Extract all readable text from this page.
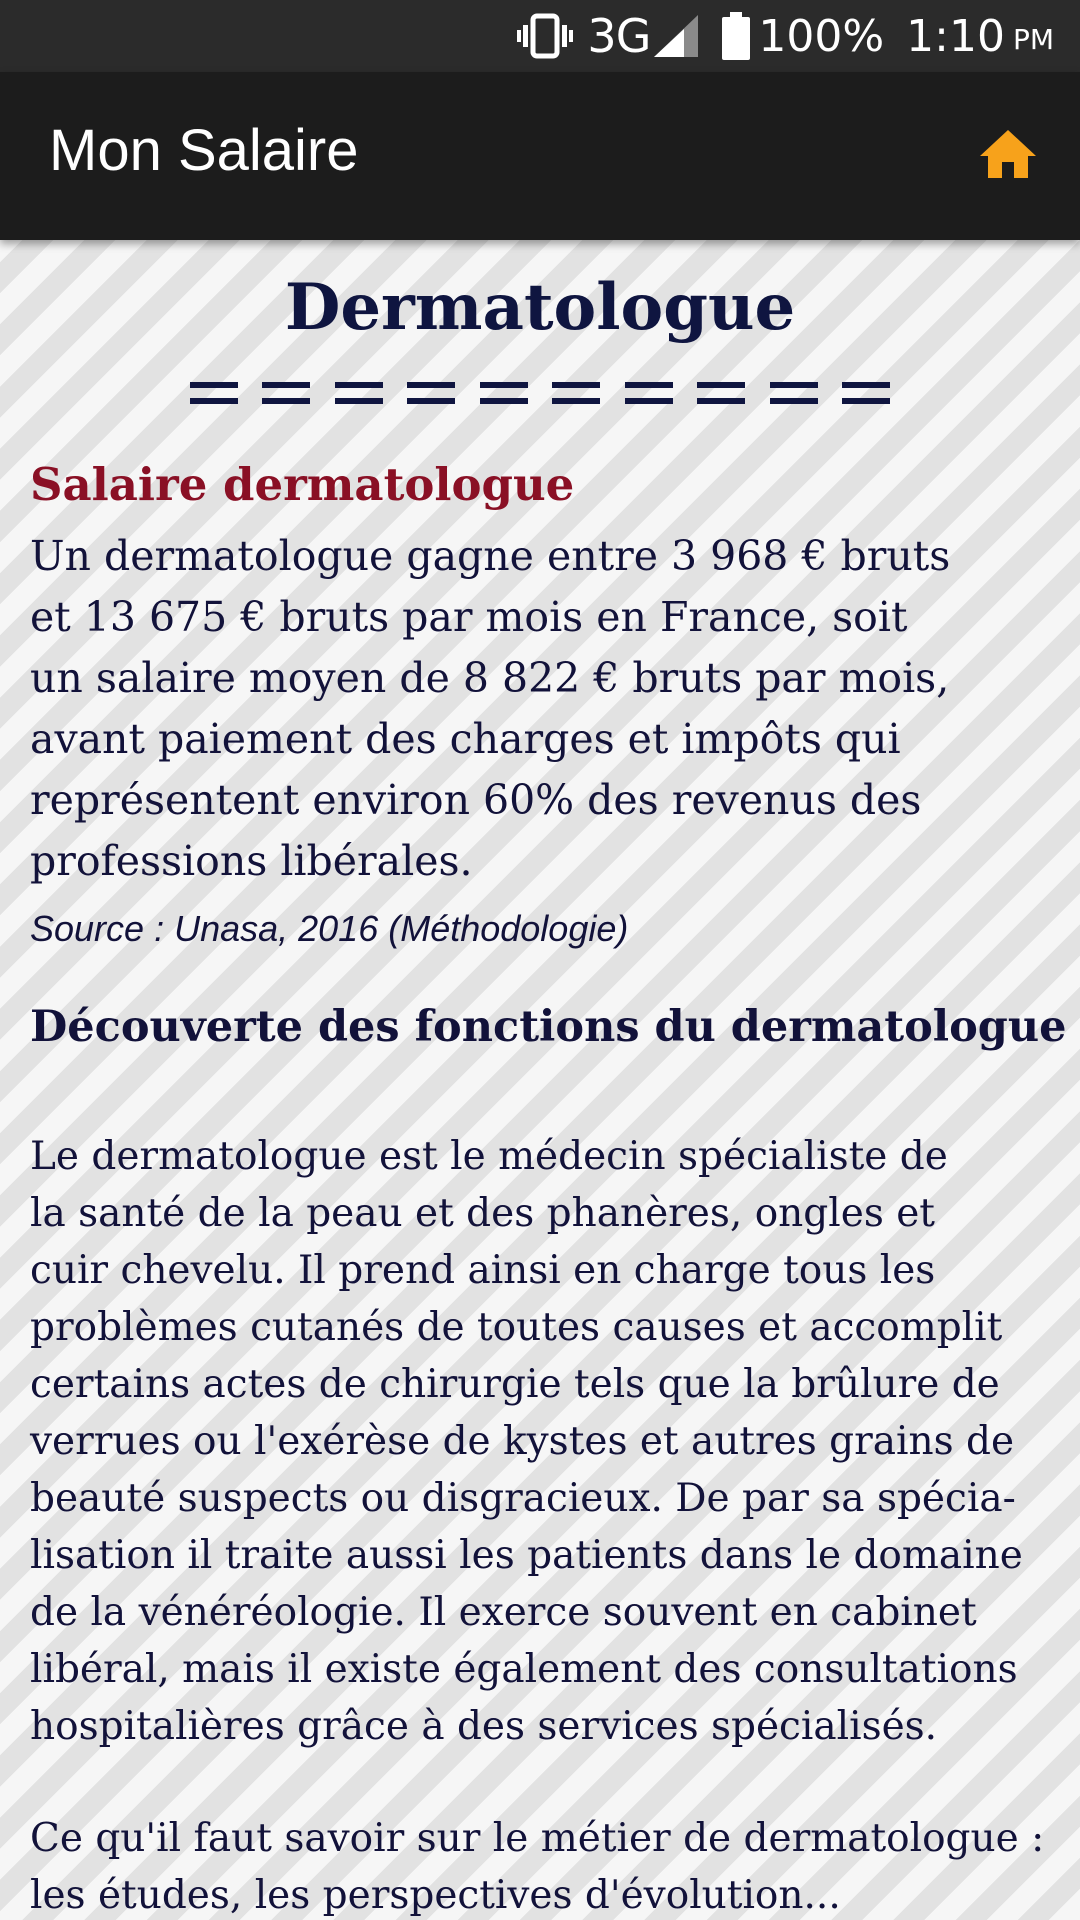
3G 100% 1:10 PM
Mon Salaire
Dermatologue
Salaire dermatologue

Un dermatologue gagne entre 3 968 € bruts
et 13 675 € bruts par mois en France, soit
un salaire moyen de 8 822 € bruts par mois,
avant paiement des charges et impôts qui
représentent environ 60% des revenus des
professions libérales.

Source : Unasa, 2016 (Méthodologie)
Découverte des fonctions du dermatologue

Le dermatologue est le médecin spécialiste de
la santé de la peau et des phanères, ongles et
cuir chevelu. Il prend ainsi en charge tous les
problèmes cutanés de toutes causes et accomplit
certains actes de chirurgie tels que la brûlure de
verrues ou l'exérèse de kystes et autres grains de
beauté suspects ou disgracieux. De par sa spécia-
lisation il traite aussi les patients dans le domaine
de la vénéréologie. Il exerce souvent en cabinet
libéral, mais il existe également des consultations
hospitalières grâce à des services spécialisés.

Ce qu'il faut savoir sur le métier de dermatologue :
les études, les perspectives d'évolution...
